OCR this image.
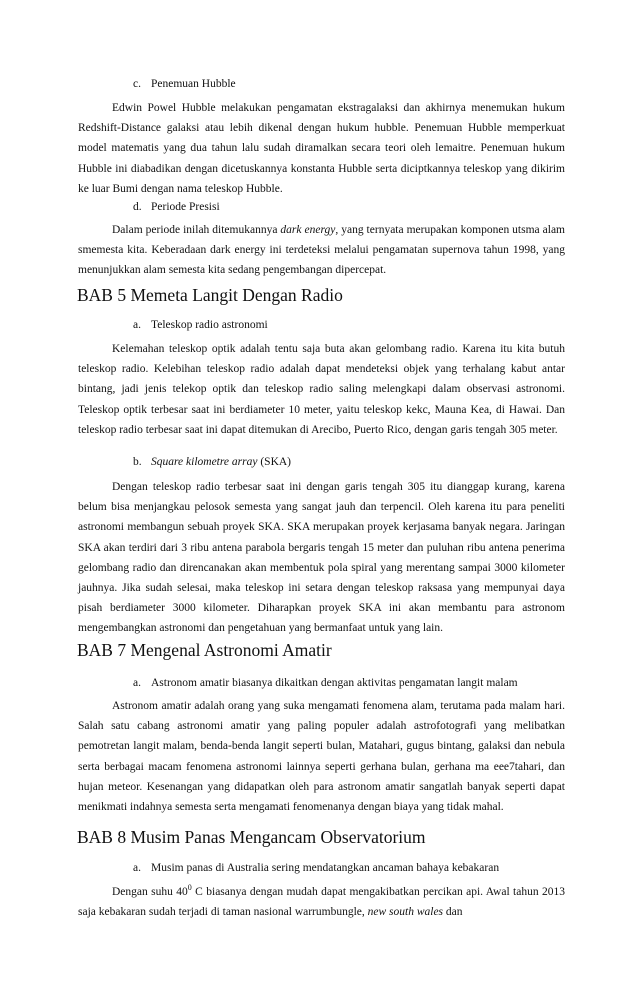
c. Penemuan Hubble
Edwin Powel Hubble melakukan pengamatan ekstragalaksi dan akhirnya menemukan hukum Redshift-Distance galaksi atau lebih dikenal dengan hukum hubble. Penemuan Hubble memperkuat model matematis yang dua tahun lalu sudah diramalkan secara teori oleh lemaitre. Penemuan hukum Hubble ini diabadikan dengan dicetuskannya konstanta Hubble serta diciptkannya teleskop yang dikirim ke luar Bumi dengan nama teleskop Hubble.
d. Periode Presisi
Dalam periode inilah ditemukannya dark energy, yang ternyata merupakan komponen utsma alam smemesta kita. Keberadaan dark energy ini terdeteksi melalui pengamatan supernova tahun 1998, yang menunjukkan alam semesta kita sedang pengembangan dipercepat.
BAB 5 Memeta Langit Dengan Radio
a. Teleskop radio astronomi
Kelemahan teleskop optik adalah tentu saja buta akan gelombang radio. Karena itu kita butuh teleskop radio. Kelebihan teleskop radio adalah dapat mendeteksi objek yang terhalang kabut antar bintang, jadi jenis telekop optik dan teleskop radio saling melengkapi dalam observasi astronomi. Teleskop optik terbesar saat ini berdiameter 10 meter, yaitu teleskop kekc, Mauna Kea, di Hawai. Dan teleskop radio terbesar saat ini dapat ditemukan di Arecibo, Puerto Rico, dengan garis tengah 305 meter.
b. Square kilometre array (SKA)
Dengan teleskop radio terbesar saat ini dengan garis tengah 305 itu dianggap kurang, karena belum bisa menjangkau pelosok semesta yang sangat jauh dan terpencil. Oleh karena itu para peneliti astronomi membangun sebuah proyek SKA. SKA merupakan proyek kerjasama banyak negara. Jaringan SKA akan terdiri dari 3 ribu antena parabola bergaris tengah 15 meter dan puluhan ribu antena penerima gelombang radio dan direncanakan akan membentuk pola spiral yang merentang sampai 3000 kilometer jauhnya. Jika sudah selesai, maka teleskop ini setara dengan teleskop raksasa yang mempunyai daya pisah berdiameter 3000 kilometer. Diharapkan proyek SKA ini akan membantu para astronom mengembangkan astronomi dan pengetahuan yang bermanfaat untuk yang lain.
BAB 7 Mengenal Astronomi Amatir
a. Astronom amatir biasanya dikaitkan dengan aktivitas pengamatan langit malam
Astronom amatir adalah orang yang suka mengamati fenomena alam, terutama pada malam hari. Salah satu cabang astronomi amatir yang paling populer adalah astrofotografi yang melibatkan pemotretan langit malam, benda-benda langit seperti bulan, Matahari, gugus bintang, galaksi dan nebula serta berbagai macam fenomena astronomi lainnya seperti gerhana bulan, gerhana ma eee7tahari, dan hujan meteor. Kesenangan yang didapatkan oleh para astronom amatir sangatlah banyak seperti dapat menikmati indahnya semesta serta mengamati fenomenanya dengan biaya yang tidak mahal.
BAB 8 Musim Panas Mengancam Observatorium
a. Musim panas di Australia sering mendatangkan ancaman bahaya kebakaran
Dengan suhu $40^0$ C biasanya dengan mudah dapat mengakibatkan percikan api. Awal tahun 2013 saja kebakaran sudah terjadi di taman nasional warrumbungle, new south wales dan
